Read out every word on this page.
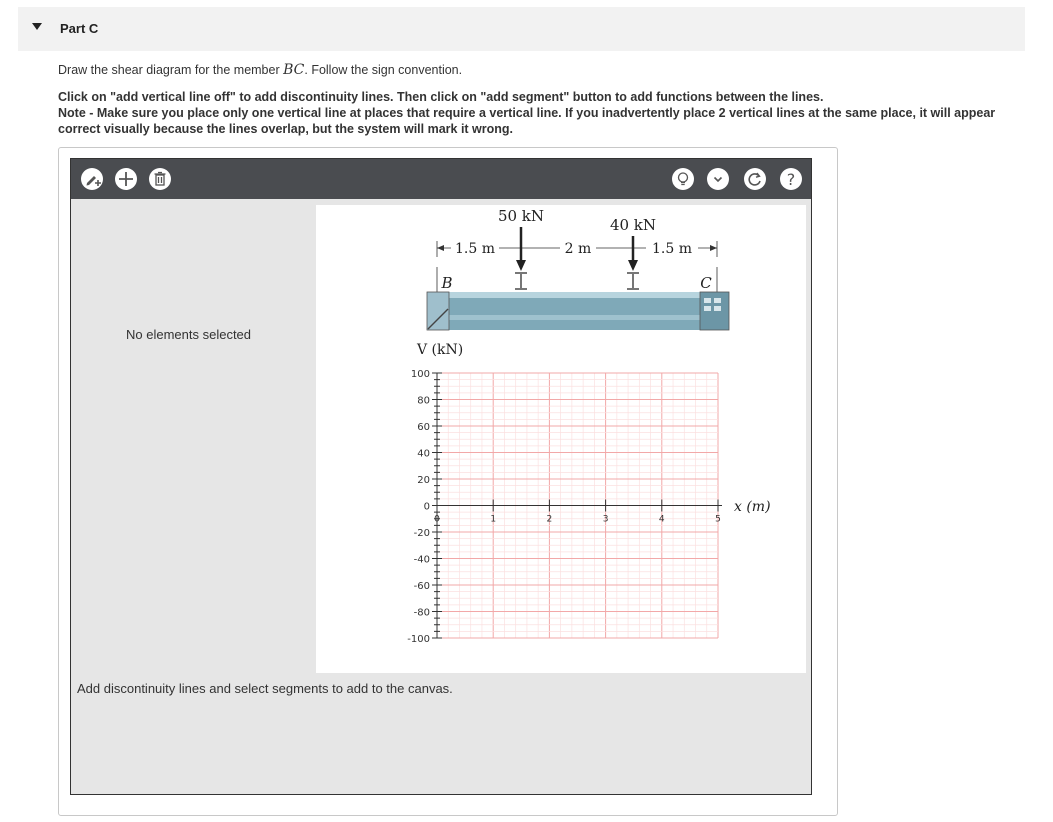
Part C
Draw the shear diagram for the member BC. Follow the sign convention.
Click on "add vertical line off" to add discontinuity lines. Then click on "add segment" button to add functions between the lines.
Note - Make sure you place only one vertical line at places that require a vertical line. If you inadvertently place 2 vertical lines at the same place, it will appear correct visually because the lines overlap, but the system will mark it wrong.
?
No elements selected
1.5 m	2 m	1.5 m
50 kN	40 kN
B	C
V (kN)
x (m)
100
80
60
40
20
0
-20
-40
-60
-80
-100
0	1	2	3	4	5
Add discontinuity lines and select segments to add to the canvas.
